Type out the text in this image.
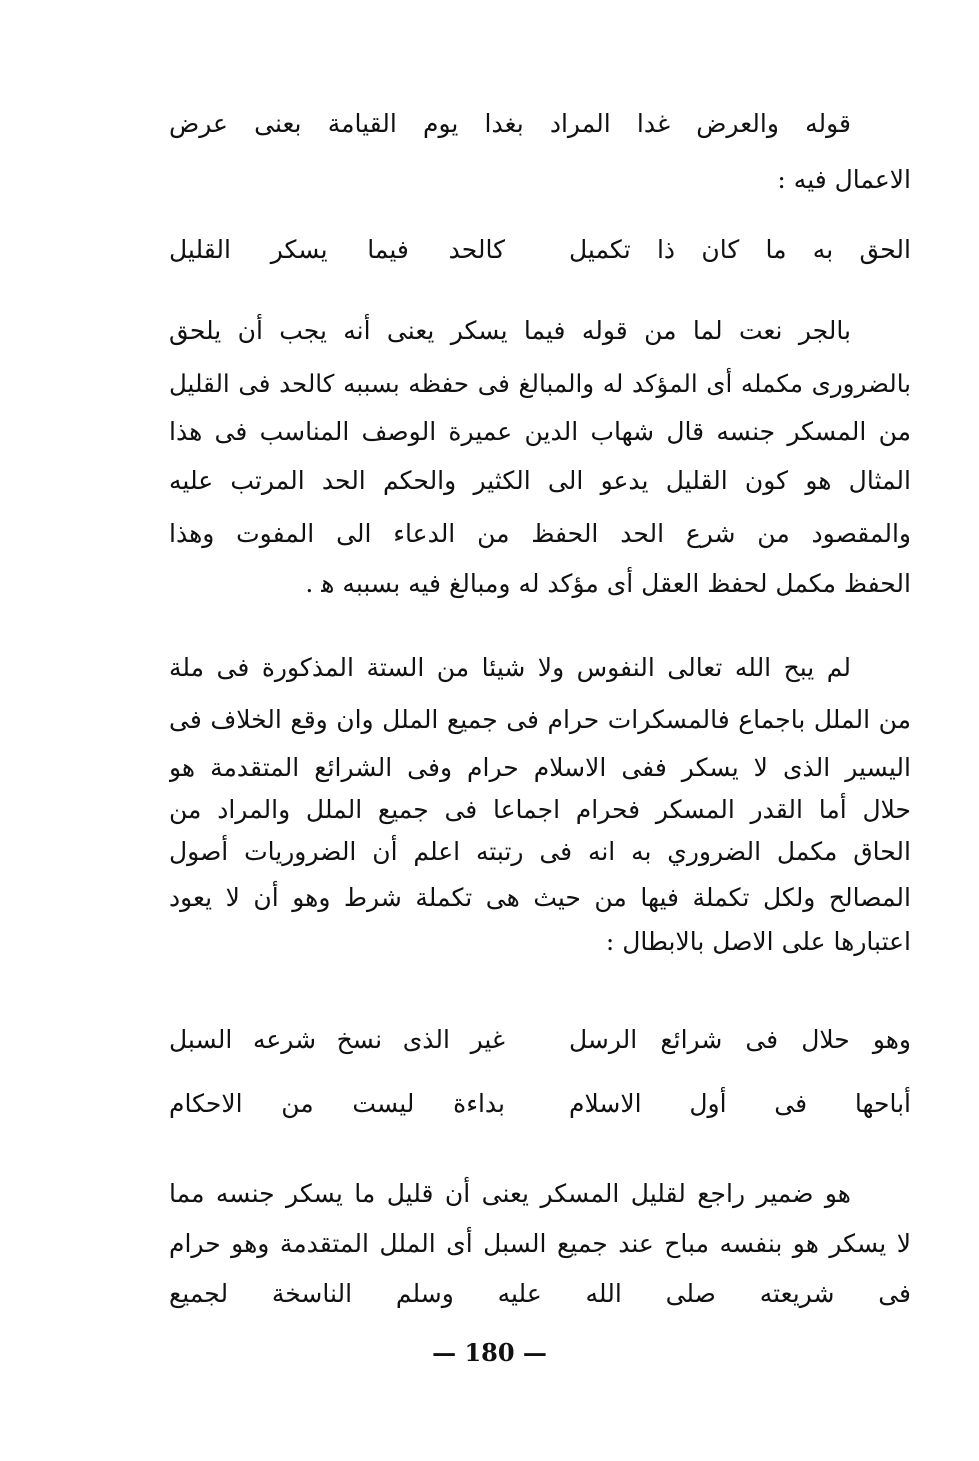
قوله والعرض غدا المراد بغدا يوم القيامة بعنى عرض
الاعمال فيه :
الحق به ما كان ذا تكميل
كالحد فيما يسكر القليل
بالجر نعت لما من قوله فيما يسكر يعنى أنه يجب أن يلحق
بالضرورى مكمله أى المؤكد له والمبالغ فى حفظه بسببه كالحد فى القليل
من المسكر جنسه قال شهاب الدين عميرة الوصف المناسب فى هذا
المثال هو كون القليل يدعو الى الكثير والحكم الحد المرتب عليه
والمقصود من شرع الحد الحفظ من الدعاء الى المفوت وهذا
الحفظ مكمل لحفظ العقل أى مؤكد له ومبالغ فيه بسببه ﻫ .
لم يبح الله تعالى النفوس ولا شيئا من الستة المذكورة فى ملة
من الملل باجماع فالمسكرات حرام فى جميع الملل وان وقع الخلاف فى
اليسير الذى لا يسكر ففى الاسلام حرام وفى الشرائع المتقدمة هو
حلال أما القدر المسكر فحرام اجماعا فى جميع الملل والمراد من
الحاق مكمل الضروري به انه فى رتبته اعلم أن الضروريات أصول
المصالح ولكل تكملة فيها من حيث هى تكملة شرط وهو أن لا يعود
اعتبارها على الاصل بالابطال :
وهو حلال فى شرائع الرسل
غير الذى نسخ شرعه السبل
أباحها فى أول الاسلام
بداءة ليست من الاحكام
هو ضمير راجع لقليل المسكر يعنى أن قليل ما يسكر جنسه مما
لا يسكر هو بنفسه مباح عند جميع السبل أى الملل المتقدمة وهو حرام
فى شريعته صلى الله عليه وسلم الناسخة لجميع
— 180 —
